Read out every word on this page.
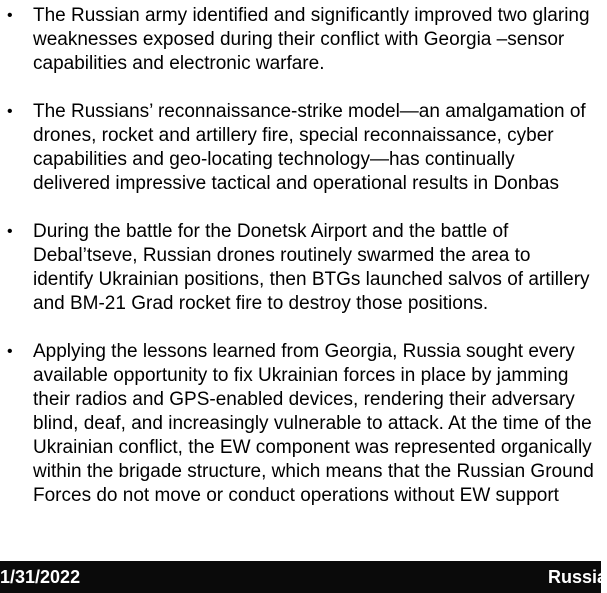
• The Russian army identified and significantly improved two glaring weaknesses exposed during their conflict with Georgia –sensor capabilities and electronic warfare.
• The Russians’ reconnaissance-strike model—an amalgamation of drones, rocket and artillery fire, special reconnaissance, cyber capabilities and geo-locating technology—has continually delivered impressive tactical and operational results in Donbas
• During the battle for the Donetsk Airport and the battle of Debal’tseve, Russian drones routinely swarmed the area to identify Ukrainian positions, then BTGs launched salvos of artillery and BM-21 Grad rocket fire to destroy those positions.
• Applying the lessons learned from Georgia, Russia sought every available opportunity to fix Ukrainian forces in place by jamming their radios and GPS-enabled devices, rendering their adversary blind, deaf, and increasingly vulnerable to attack. At the time of the Ukrainian conflict, the EW component was represented organically within the brigade structure, which means that the Russian Ground Forces do not move or conduct operations without EW support
1/31/2022	Russia
